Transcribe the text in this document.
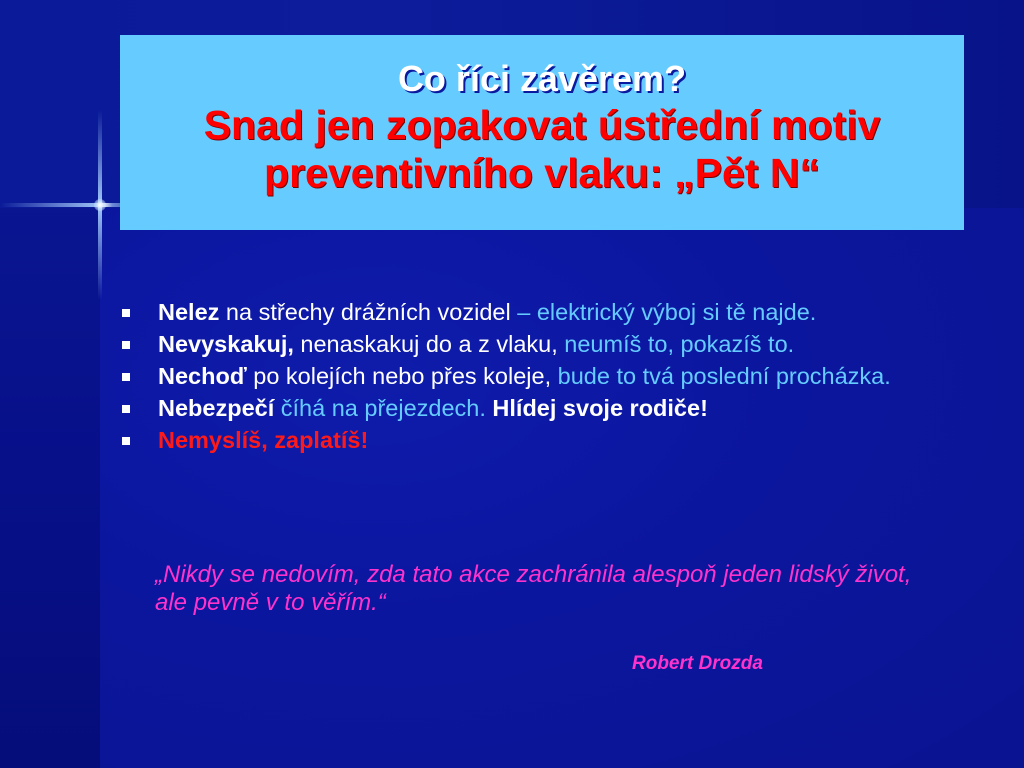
Co říci závěrem?
Snad jen zopakovat ústřední motiv preventivního vlaku: „Pět N“
Nelez na střechy drážních vozidel – elektrický výboj si tě najde.
Nevyskakuj, nenaskakuj do a z vlaku, neumíš to, pokazíš to.
Nechoď po kolejích nebo přes koleje, bude to tvá poslední procházka.
Nebezpečí číhá na přejezdech. Hlídej svoje rodiče!
Nemyslíš, zaplatíš!
„Nikdy se nedovím, zda tato akce zachránila alespoň jeden lidský život, ale pevně v to věřím.“
Robert Drozda
